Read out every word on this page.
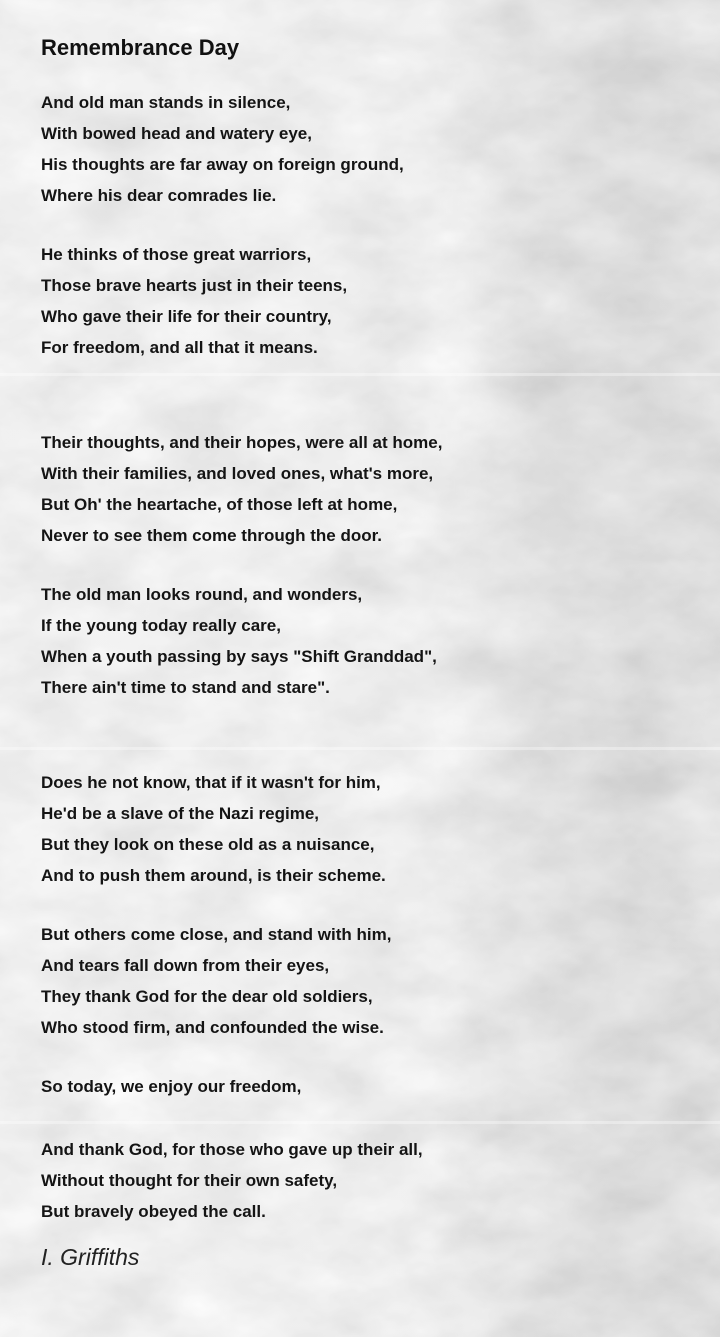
Remembrance Day
And old man stands in silence,
With bowed head and watery eye,
His thoughts are far away on foreign ground,
Where his dear comrades lie.
He thinks of those great warriors,
Those brave hearts just in their teens,
Who gave their life for their country,
For freedom, and all that it means.
Their thoughts, and their hopes, were all at home,
With their families, and loved ones, what's more,
But Oh' the heartache, of those left at home,
Never to see them come through the door.
The old man looks round, and wonders,
If the young today really care,
When a youth passing by says "Shift Granddad",
There ain't time to stand and stare".
Does he not know, that if it wasn't for him,
He'd be a slave of the Nazi regime,
But they look on these old as a nuisance,
And to push them around, is their scheme.
But others come close, and stand with him,
And tears fall down from their eyes,
They thank God for the dear old soldiers,
Who stood firm, and confounded the wise.
So today, we enjoy our freedom,
And thank God, for those who gave up their all,
Without thought for their own safety,
But bravely obeyed the call.
I. Griffiths
